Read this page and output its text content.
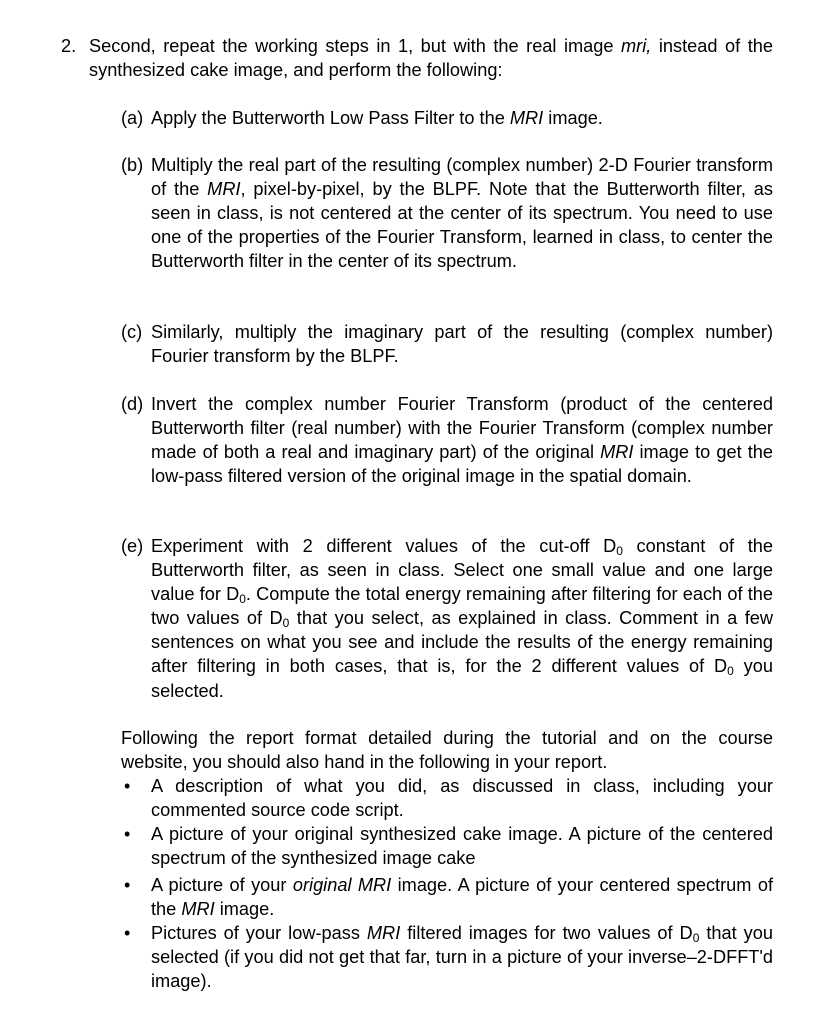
2. Second, repeat the working steps in 1, but with the real image mri, instead of the synthesized cake image, and perform the following:
(a) Apply the Butterworth Low Pass Filter to the MRI image.
(b) Multiply the real part of the resulting (complex number) 2-D Fourier transform of the MRI, pixel-by-pixel, by the BLPF. Note that the Butterworth filter, as seen in class, is not centered at the center of its spectrum. You need to use one of the properties of the Fourier Transform, learned in class, to center the Butterworth filter in the center of its spectrum.
(c) Similarly, multiply the imaginary part of the resulting (complex number) Fourier transform by the BLPF.
(d) Invert the complex number Fourier Transform (product of the centered Butterworth filter (real number) with the Fourier Transform (complex number made of both a real and imaginary part) of the original MRI image to get the low-pass filtered version of the original image in the spatial domain.
(e) Experiment with 2 different values of the cut-off $D_0$ constant of the Butterworth filter, as seen in class. Select one small value and one large value for $D_0$. Compute the total energy remaining after filtering for each of the two values of $D_0$ that you select, as explained in class. Comment in a few sentences on what you see and include the results of the energy remaining after filtering in both cases, that is, for the 2 different values of $D_0$ you selected.
Following the report format detailed during the tutorial and on the course website, you should also hand in the following in your report.
•	A description of what you did, as discussed in class, including your commented source code script.
•	A picture of your original synthesized cake image. A picture of the centered spectrum of the synthesized image cake
•	A picture of your original MRI image. A picture of your centered spectrum of the MRI image.
•	Pictures of your low-pass MRI filtered images for two values of $D_0$ that you selected (if you did not get that far, turn in a picture of your inverse–2-DFFT'd image).
